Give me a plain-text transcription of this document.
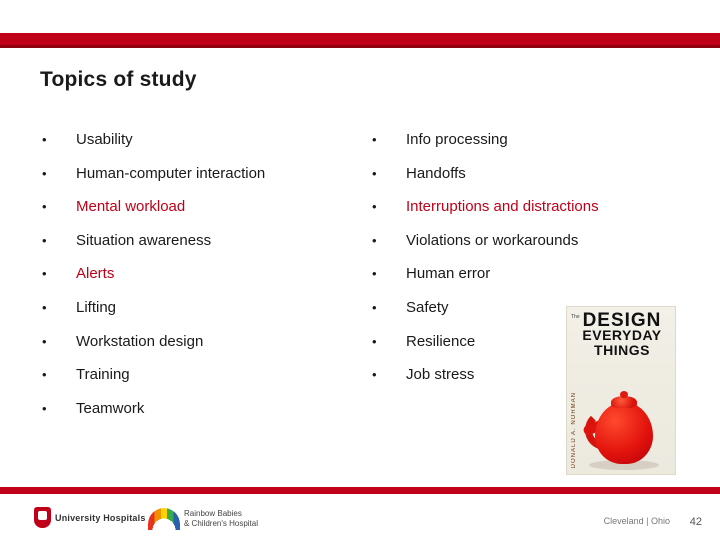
Topics of study
•	Usability
•	Human-computer interaction
•	Mental workload
•	Situation awareness
•	Alerts
•	Lifting
•	Workstation design
•	Training
•	Teamwork
•	Info processing
•	Handoffs
•	Interruptions and distractions
•	Violations or workarounds
•	Human error
•	Safety
•	Resilience
•	Job stress
The DESIGN
EVERYDAY
THINGS
DONALD A. NORMAN
University Hospitals	Rainbow Babies
& Children's Hospital	Cleveland | Ohio 42
